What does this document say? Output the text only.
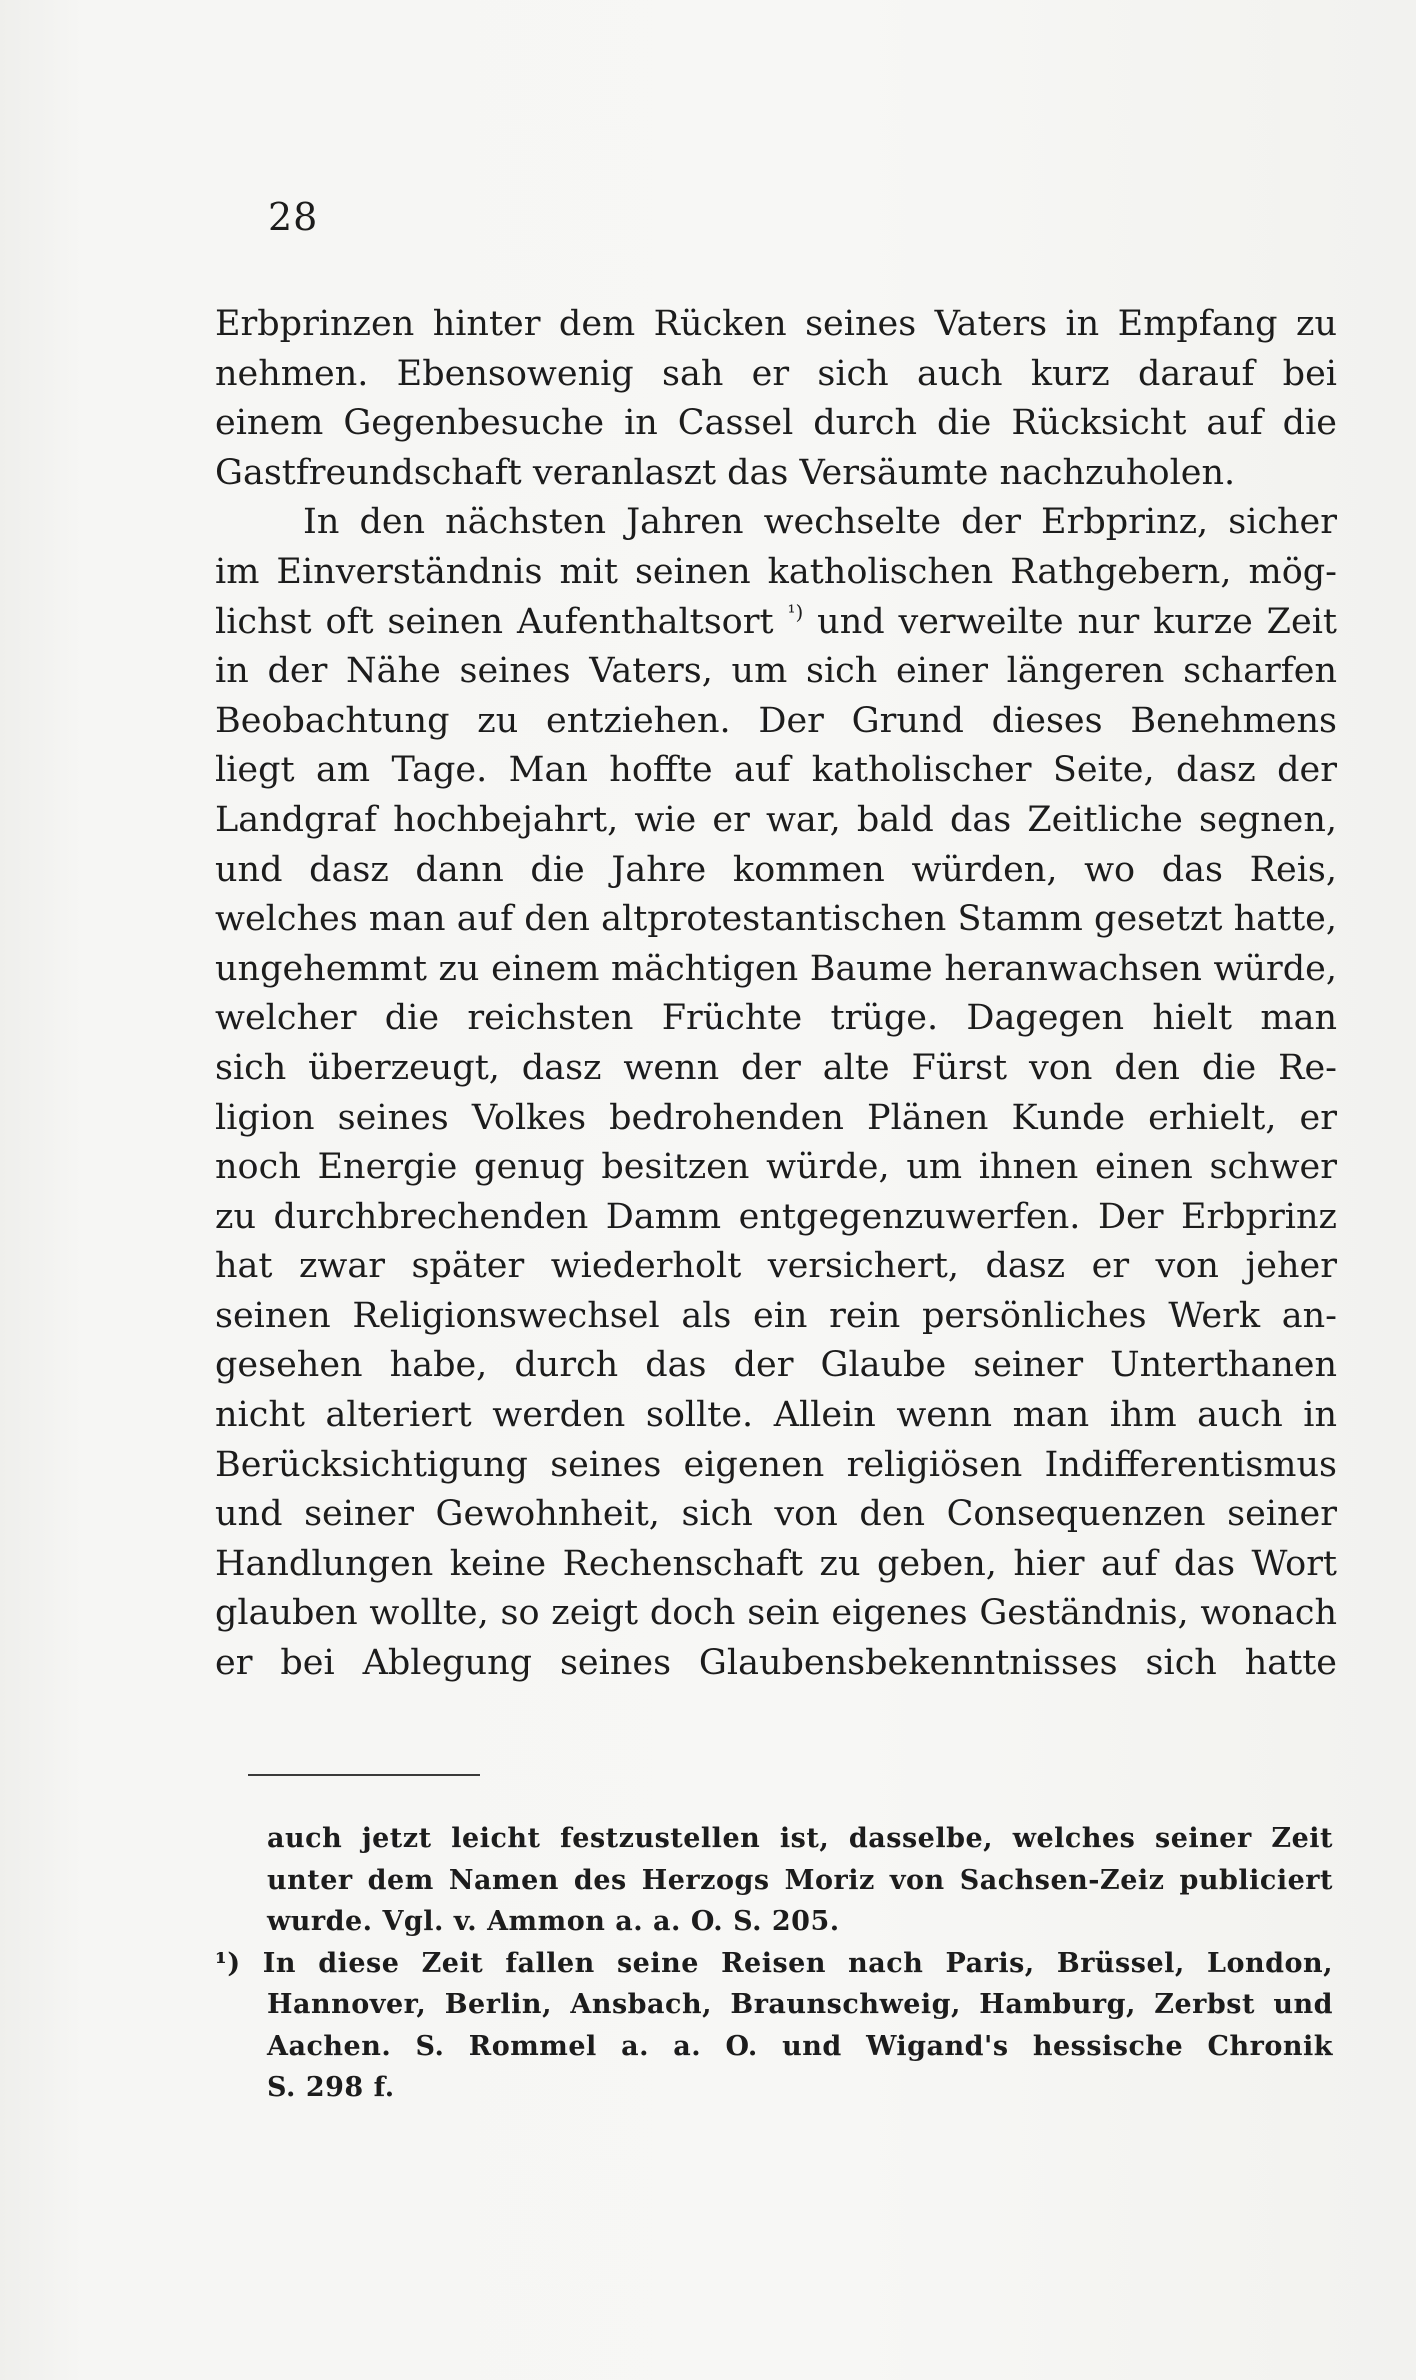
28
Erbprinzen hinter dem Rücken seines Vaters in Empfang zu
nehmen. Ebensowenig sah er sich auch kurz darauf bei
einem Gegenbesuche in Cassel durch die Rücksicht auf die
Gastfreundschaft veranlaszt das Versäumte nachzuholen.
In den nächsten Jahren wechselte der Erbprinz, sicher
im Einverständnis mit seinen katholischen Rathgebern, mög-
lichst oft seinen Aufenthaltsort $^{^1)}$ und verweilte nur kurze Zeit
in der Nähe seines Vaters, um sich einer längeren scharfen
Beobachtung zu entziehen. Der Grund dieses Benehmens
liegt am Tage. Man hoffte auf katholischer Seite, dasz der
Landgraf hochbejahrt, wie er war, bald das Zeitliche segnen,
und dasz dann die Jahre kommen würden, wo das Reis,
welches man auf den altprotestantischen Stamm gesetzt hatte,
ungehemmt zu einem mächtigen Baume heranwachsen würde,
welcher die reichsten Früchte trüge. Dagegen hielt man
sich überzeugt, dasz wenn der alte Fürst von den die Re-
ligion seines Volkes bedrohenden Plänen Kunde erhielt, er
noch Energie genug besitzen würde, um ihnen einen schwer
zu durchbrechenden Damm entgegenzuwerfen. Der Erbprinz
hat zwar später wiederholt versichert, dasz er von jeher
seinen Religionswechsel als ein rein persönliches Werk an-
gesehen habe, durch das der Glaube seiner Unterthanen
nicht alteriert werden sollte. Allein wenn man ihm auch in
Berücksichtigung seines eigenen religiösen Indifferentismus
und seiner Gewohnheit, sich von den Consequenzen seiner
Handlungen keine Rechenschaft zu geben, hier auf das Wort
glauben wollte, so zeigt doch sein eigenes Geständnis, wonach
er bei Ablegung seines Glaubensbekenntnisses sich hatte
auch jetzt leicht festzustellen ist, dasselbe, welches seiner Zeit
unter dem Namen des Herzogs Moriz von Sachsen-Zeiz publiciert
wurde. Vgl. v. Ammon a. a. O. S. 205.
¹) In diese Zeit fallen seine Reisen nach Paris, Brüssel, London,
Hannover, Berlin, Ansbach, Braunschweig, Hamburg, Zerbst und
Aachen. S. Rommel a. a. O. und Wigand's hessische Chronik
S. 298 f.
